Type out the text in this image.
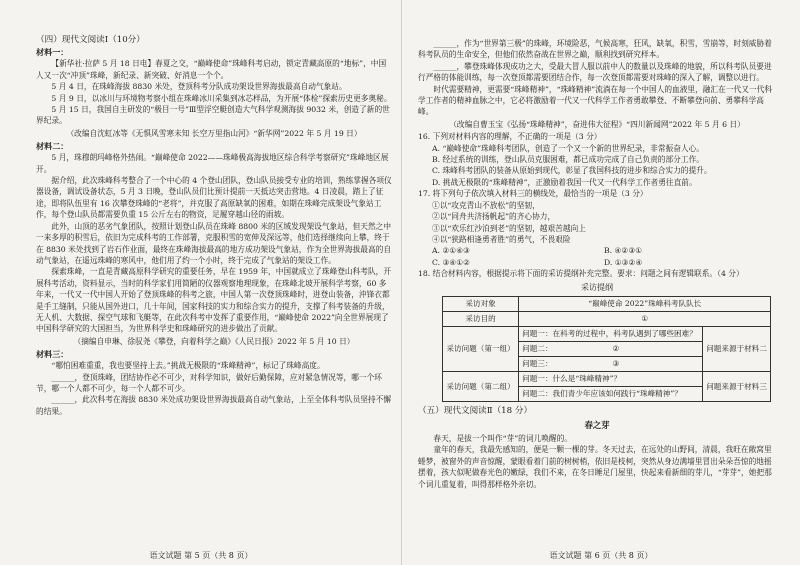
（四）现代文阅读Ⅰ（10分）

材料一：

【新华社·拉萨 5 月 18 日电】春夏之交，“巅峰使命”珠峰科考启动，锁定青藏高原的“地标”，中国人又一次“冲顶”珠峰，新纪录、新突破、好消息一个个。

5 月 4 日，在珠峰海拔 8830 米处，登顶科考分队成功架设世界海拔最高自动气象站。

5 月 9 日，以冰川与环境物考察小组在珠峰冰川采集到冰芯样品，为开展“体检”探索历史更多奥秘。

5 月 15 日，我国自主研发的“极目一号”Ⅲ型浮空艇创造大气科学观测海拔 9032 米，创造了新的世界纪录。

（改编自沈虹冰等《无惧风雪寒未知 长空万里指山河》“新华网”2022 年 5 月 19 日）

材料二：

5 月，珠穆朗玛峰格外热闹。“巅峰使命 2022——珠峰极高海拔地区综合科学考察研究”珠峰地区展开。

据介绍，此次珠峰科考整合了一个中心的 4 个登山团队，登山队员接受专业的培训，熟练掌握各项仪器设备，调试设备状态，5 月 3 日晚，登山队员们比预计提前一天抵达突击营地。4 日凌晨，踏上了征途，即将队伍里有 16 次攀登珠峰的“老将”，并克服了高原缺氧的困难，如期在珠峰完成架设气象站工作，每个登山队员都需要负重 15 公斤左右的物资，足履穿越山径的雨坡。

此外，山顶的恶劣气象团队，按照计划登山队员在珠峰 8800 米的区域发现架设气象站，但天然之中一来多厚的积雪后，依旧为完成科考的工作部署，克服积雪的宽伸及深远等，他们选择继续向上攀，终于在 8830 米处找到了岩石作业面，最终在珠峰海拔最高的地方成功架设气象站，作为全世界海拔最高的自动气象站，在遥远珠峰的寒风中，他们用了约一个小时，终于完成了气象站的架设工作。

探索珠峰，一直是青藏高原科学研究的重要任务，早在 1959 年，中国就成立了珠峰登山科考队，开展科考活动，资料显示，当时的科学家们用简陋的仪器观察地理现象，在珠峰北坡开展科学考察，60 多年来，一代又一代中国人开始了登顶珠峰的科考之旅，中国人第一次登顶珠峰时，进登山装备，沖锋衣都是手工缝制，只能从国外进口，几十年间，国家科技的实力和综合实力的提升，支撑了科考装备的升级，无人机、大数据、探空气球和飞艇等，在此次科考中发挥了重要作用，“巅峰使命 2022”向全世界展现了中国科学研究的大国担当，为世界科学史和珠峰研究的进步做出了贡献。

（摘编自申琳、徐驭尧《攀登，向着科学之巅》《人民日报》2022 年 5 月 10 日）

材料三：

“哪怕困难重重，我也要坚持上去。”挑战无极限的“珠峰精神”，标记了珠峰高度。

______，登顶珠峰，团结协作必不可少，对科学知识，做好后勤保障，应对紧急情况等，哪一个环节，哪一个人都不可少，每一个人都不可少。

______，此次科考在海拔 8830 米处成功架设世界海拔最高自动气象站，上至全体科考队员坚持不懈的结果。

语文试题 第 5 页（共 8 页）

______，作为“世界第三极”的珠峰，环境险恶，气候高寒，狂风，缺氧，积雪，雪崩等，时刻威胁着科考队员的生命安全，但他们依然奋战在世界之巅，顺利找到研究样本。

______，攀登珠峰体现成功之大，受最大冒人服以前中人的数量以及珠峰的地貌，所以科考队员要进行严格的体能训练，每一次登顶都需要团结合作，每一次登顶都需要对珠峰的深入了解，调整以进行。

时代需要精神，更需要“珠峰精神”，“珠峰精神”流淌在每一个中国人的血液里，融汇在一代又一代科学工作者的精神血脉之中，它必将激励着一代又一代科学工作者勇敢攀登、不断攀登向前、勇攀科学高峰。

（改编自曹玉宝《弘扬“珠峰精神”，奋进伟大征程》“四川新闻网”2022 年 5 月 6 日）

16. 下列对材料内容的理解，不正确的一项是（3 分）

A. “巅峰使命”珠峰科考团队，创造了一个又一个新的世界纪录，非常振奋人心。

B. 经过系统的训练，登山队员克服困难，都已成功完成了自己负责的部分工作。

C. 珠峰科考团队的装备从原始到现代，彰显了我国科技的进步和综合实力的提升。

D. 挑战无极限的“珠峰精神”，正激励着我国一代又一代科学工作者勇往直前。

17. 将下列句子依次填入材料三的横线处，最恰当的一项是（3 分）

①以“攻克青山不放松”的坚韧，

②以“同舟共济扬帆起”的齐心协力，

③以“欢乐红沙泊到老”的坚韧，越艰苦越向上

④以“狭路相逢勇者胜”的勇气，不畏艰险

A. ②①④③	B. ④②③①
C. ③④①②	D. ①③②④

18. 结合材料内容，根据提示将下面的采访提纲补充完整。要求：问题之间有逻辑联系。（4 分）

采访提纲

采访对象	“巅峰使命 2022”珠峰科考队队长	
采访目的	①	
采访问题（第一组）	问题一：在科考的过程中，科考队遇到了哪些困难？	问题来源于材料二
	问题二： ②	
	问题三： ③	
采访问题（第二组）	问题一：什么是“珠峰精神”？	问题来源于材料三
	问题二：我们青少年应该如何践行“珠峰精神”？	

（五）现代文阅读Ⅱ（18 分）

春之芽

春天，是拔一个叫作“芽”的词儿唤醒的。

童年的春天，我最先感知的，便是一颗一棵的芽。冬天过去，在远处的山野间，清晨，我旺在敞窝里蜷梦，被窗外的声音惊醒，蒙眼看着门前的树树梢，依旧是枝柯，突然从身边满墙里冒出朵朵吾惊的地摇摆着，孩大似呢做春光色的嫩绿，我们不来，在冬日睡足门屋里，快起来看新细的芽儿，“芽芽”，她把那个词儿重复着，叫得那样格外亲切。

语文试题 第 6 页（共 8 页）
